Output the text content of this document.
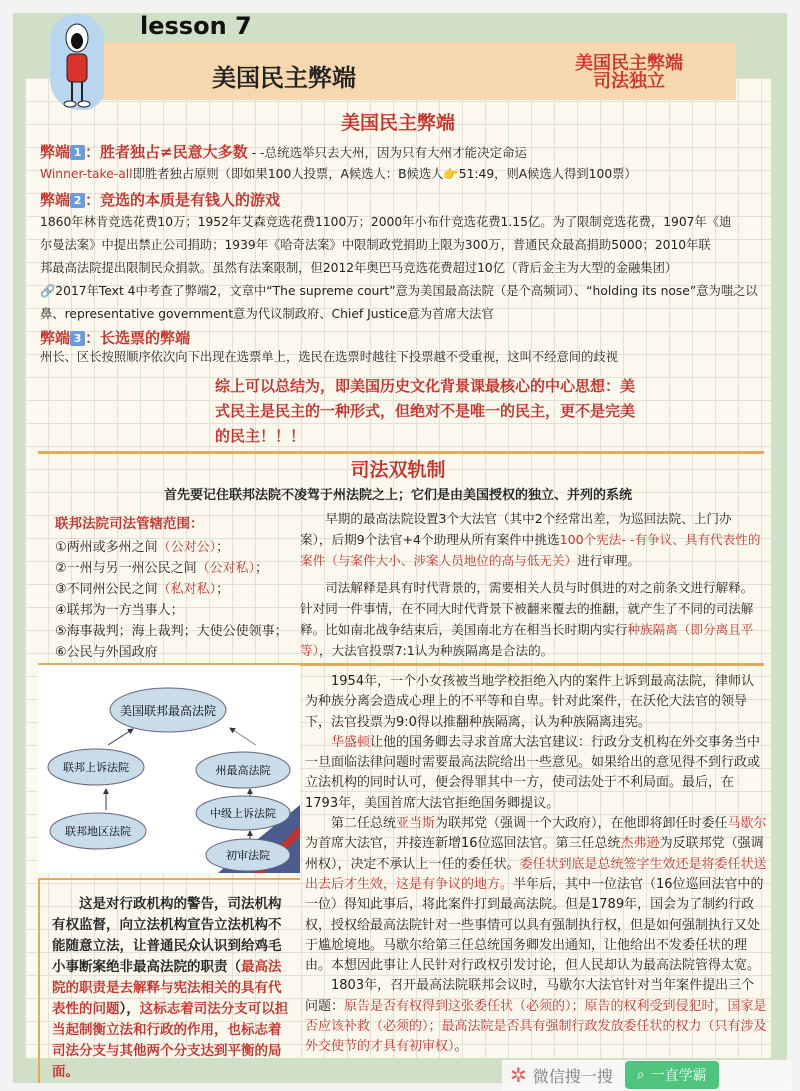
lesson 7
美国民主弊端
美国民主弊端
司法独立
美国民主弊端
弊端 1 ：胜者独占≠民意大多数 - -总统选举只去大州，因为只有大州才能决定命运
Winner-take-all即胜者独占原则（即如果100人投票，A候选人：B候选人👉51:49，则A候选人得到100票）
弊端 2 ：竞选的本质是有钱人的游戏
1860年林肯竞选花费10万；1952年艾森竞选花费1100万；2000年小布什竞选花费1.15亿。为了限制竞选花费，1907年《迪
尔曼法案》中提出禁止公司捐助；1939年《哈奇法案》中限制政党捐助上限为300万，普通民众最高捐助5000；2010年联
邦最高法院提出限制民众捐款。虽然有法案限制，但2012年奥巴马竞选花费超过10亿（背后金主为大型的金融集团）
🔗2017年Text 4中考查了弊端2，文章中“The supreme court”意为美国最高法院（是个高频词）、“holding its nose”意为嗤之以
鼻、representative government意为代议制政府、Chief Justice意为首席大法官
弊端 3 ：长选票的弊端
州长、区长按照顺序依次向下出现在选票单上，选民在选票时越往下投票越不受重视，这叫不经意间的歧视
综上可以总结为，即美国历史文化背景课最核心的中心思想：美式民主是民主的一种形式，但绝对不是唯一的民主，更不是完美的民主！！！
司法双轨制
首先要记住联邦法院不凌驾于州法院之上；它们是由美国授权的独立、并列的系统
联邦法院司法管辖范围：
①两州或多州之间（公对公）；
②一州与另一州公民之间（公对私）；
③不同州公民之间（私对私）；
④联邦为一方当事人；
⑤海事裁判；海上裁判；大使公使领事；
⑥公民与外国政府

早期的最高法院设置3个大法官（其中2个经常出差，为巡回法院、上门办案），后期9个法官+4个助理从所有案件中挑选100个宪法- -有争议、具有代表性的案件（与案件大小、涉案人员地位的高与低无关）进行审理。

司法解释是具有时代背景的，需要相关人员与时俱进的对之前条文进行解释。针对同一件事情，在不同大时代背景下被翻来覆去的推翻，就产生了不同的司法解释。比如南北战争结束后，美国南北方在相当长时期内实行种族隔离（即分离且平等），大法官投票7:1认为种族隔离是合法的。

美国联邦最高法院
联邦上诉法院
联邦地区法院
州最高法院
中级上诉法院
初审法院
这是对行政机构的警告，司法机构有权监督，向立法机构宣告立法机构不能随意立法，让普通民众认识到给鸡毛小事断案绝非最高法院的职责（最高法院的职责是去解释与宪法相关的具有代表性的问题），这标志着司法分支可以担当起制衡立法和行政的作用，也标志着司法分支与其他两个分支达到平衡的局面。

1954年，一个小女孩被当地学校拒绝入内的案件上诉到最高法院，律师认为种族分离会造成心理上的不平等和自卑。针对此案件，在沃伦大法官的领导下，法官投票为9:0得以推翻种族隔离，认为种族隔离违宪。

华盛顿让他的国务卿去寻求首席大法官建议：行政分支机构在外交事务当中一旦面临法律问题时需要最高法院给出一些意见。如果给出的意见得不到行政或立法机构的同时认可，便会得罪其中一方，使司法处于不利局面。最后，在1793年，美国首席大法官拒绝国务卿提议。

第二任总统亚当斯为联邦党（强调一个大政府），在他即将卸任时委任马歇尔为首席大法官，并接连新增16位巡回法官。第三任总统杰弗逊为反联邦党（强调州权），决定不承认上一任的委任状。委任状到底是总统签字生效还是将委任状送出去后才生效，这是有争议的地方。半年后，其中一位法官（16位巡回法官中的一位）得知此事后，将此案件打到最高法院。但是1789年，国会为了制约行政权，授权给最高法院针对一些事情可以具有强制执行权，但是如何强制执行又处于尴尬境地。马歇尔给第三任总统国务卿发出通知，让他给出不发委任状的理由。本想因此事让人民针对行政权引发讨论，但人民却认为最高法院管得太宽。

1803年，召开最高法院联邦会议时，马歇尔大法官针对当年案件提出三个问题：原告是否有权得到这张委任状（必须的）；原告的权利受到侵犯时，国家是否应该补救（必须的）；最高法院是否具有强制行政发放委任状的权力（只有涉及外交使节的才具有初审权）。

✲ 微信搜一搜 ⌕ 一直学霸
